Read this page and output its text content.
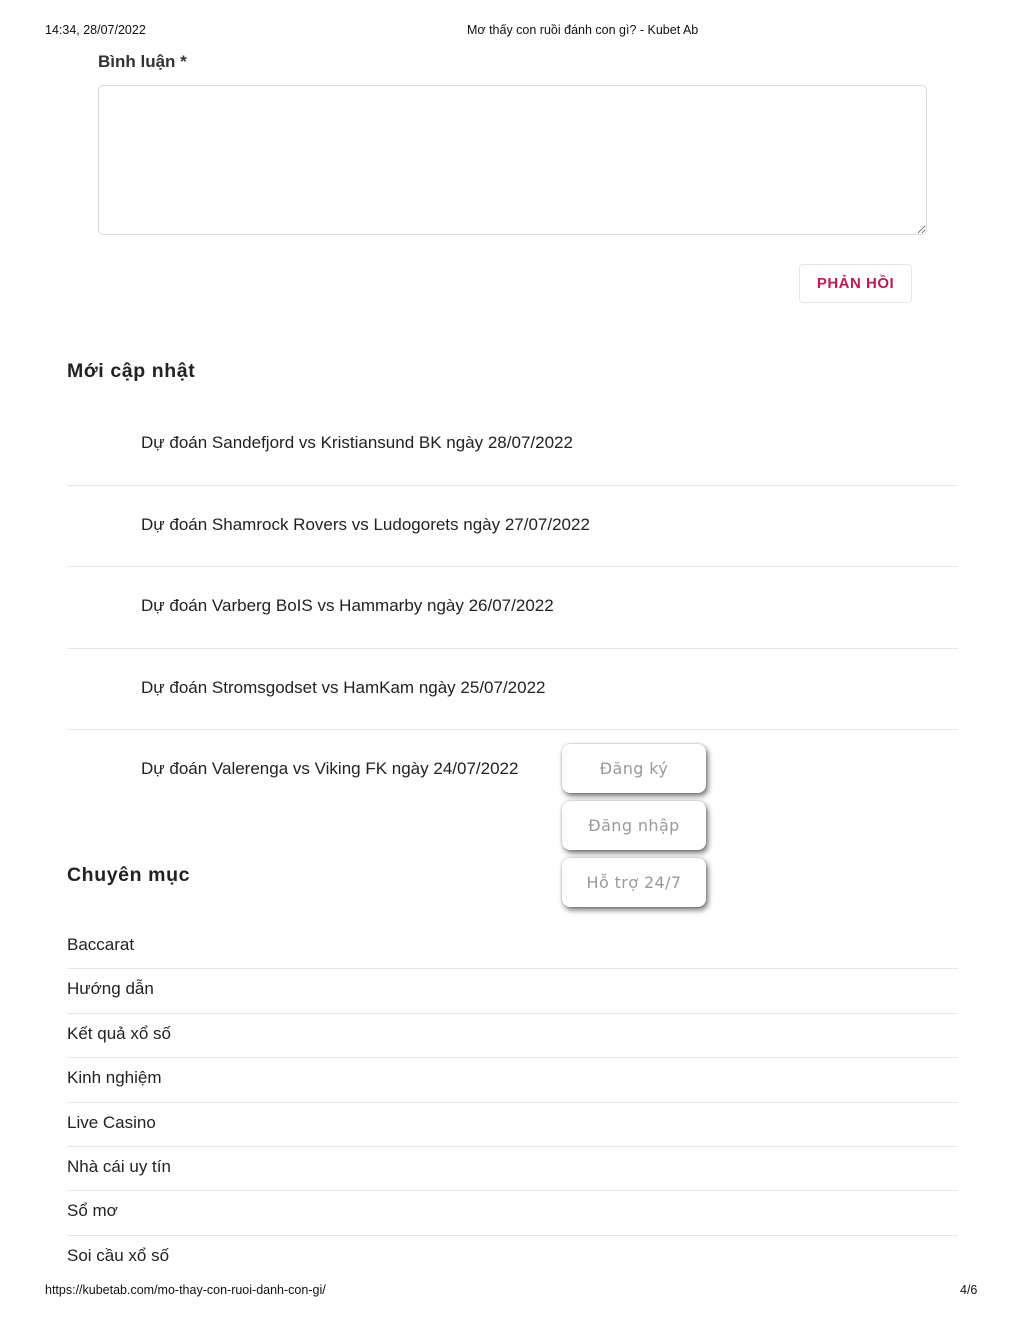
14:34, 28/07/2022	Mơ thấy con ruồi đánh con gì? - Kubet Ab
Bình luận *
PHẢN HỒI
Mới cập nhật
Dự đoán Sandefjord vs Kristiansund BK ngày 28/07/2022
Dự đoán Shamrock Rovers vs Ludogorets ngày 27/07/2022
Dự đoán Varberg BoIS vs Hammarby ngày 26/07/2022
Dự đoán Stromsgodset vs HamKam ngày 25/07/2022
Dự đoán Valerenga vs Viking FK ngày 24/07/2022
Chuyên mục
Baccarat
Hướng dẫn
Kết quả xổ số
Kinh nghiệm
Live Casino
Nhà cái uy tín
Sổ mơ
Soi cầu xổ số
Đăng ký
Đăng nhập
Hỗ trợ 24/7
https://kubetab.com/mo-thay-con-ruoi-danh-con-gi/	4/6
